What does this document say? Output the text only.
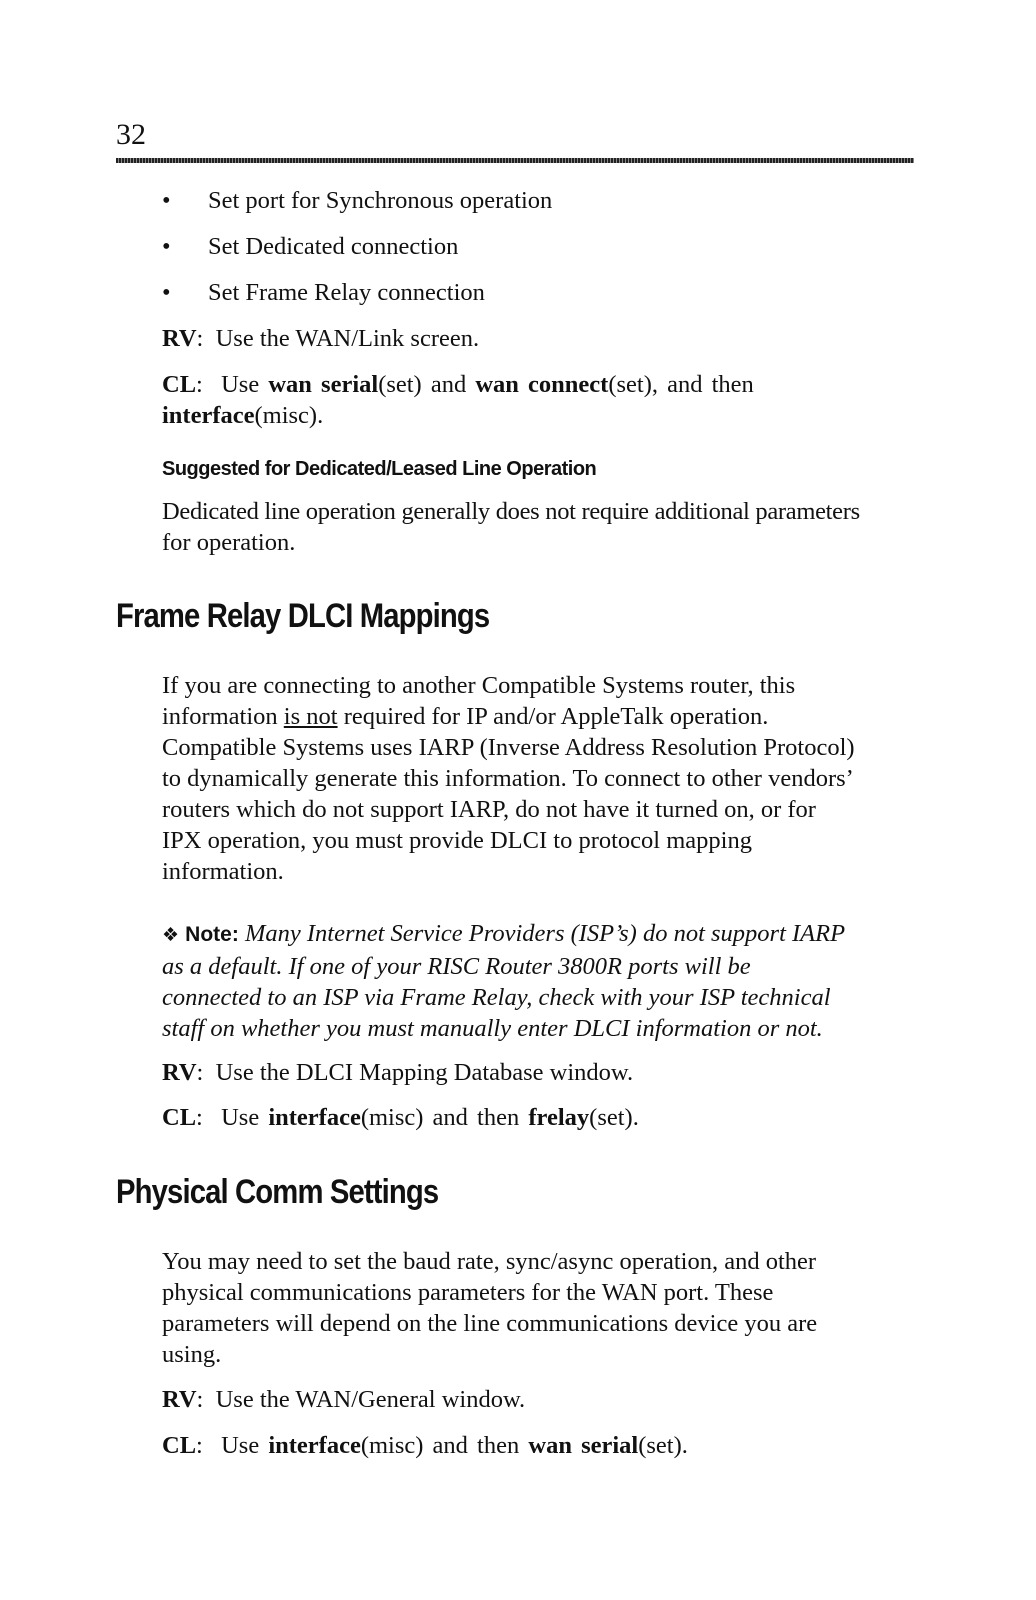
32
• Set port for Synchronous operation
• Set Dedicated connection
• Set Frame Relay connection
RV:  Use the WAN/Link screen.
CL:  Use wan serial(set) and wan connect(set), and then
interface(misc).
Suggested for Dedicated/Leased Line Operation
Dedicated line operation generally does not require additional parameters
for operation.
Frame Relay DLCI Mappings
If you are connecting to another Compatible Systems router, this
information is not required for IP and/or AppleTalk operation.
Compatible Systems uses IARP (Inverse Address Resolution Protocol)
to dynamically generate this information. To connect to other vendors’
routers which do not support IARP, do not have it turned on, or for
IPX operation, you must provide DLCI to protocol mapping
information.
❖ Note: Many Internet Service Providers (ISP’s) do not support IARP
as a default. If one of your RISC Router 3800R ports will be
connected to an ISP via Frame Relay, check with your ISP technical
staff on whether you must manually enter DLCI information or not.
RV:  Use the DLCI Mapping Database window.
CL:  Use interface(misc) and then frelay(set).
Physical Comm Settings
You may need to set the baud rate, sync/async operation, and other
physical communications parameters for the WAN port. These
parameters will depend on the line communications device you are
using.
RV:  Use the WAN/General window.
CL:  Use interface(misc) and then wan serial(set).
